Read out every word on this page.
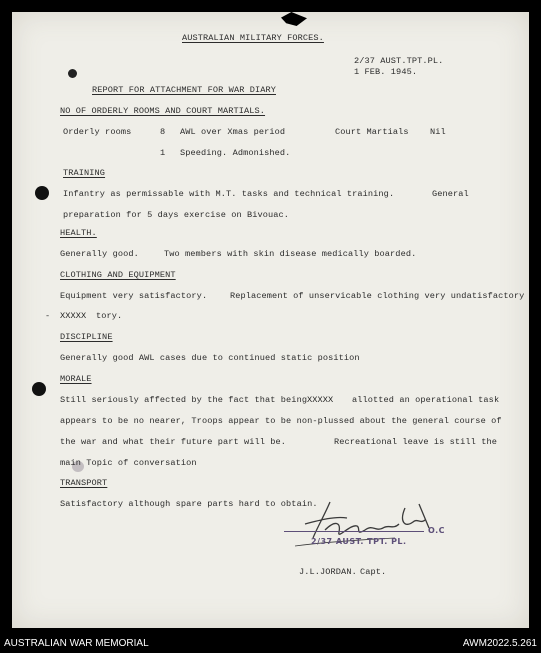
AUSTRALIAN MILITARY FORCES.
2/37 AUST.TPT.PL.
1 FEB. 1945.
REPORT FOR ATTACHMENT FOR WAR DIARY
NO OF ORDERLY ROOMS AND COURT MARTIALS.
Orderly rooms	8 AWL over Xmas period	Court Martials Nil
1 Speeding. Admonished.
TRAINING
Infantry as permissable with M.T. tasks and technical training.	General
preparation for 5 days exercise on Bivouac.
HEALTH.
Generally good.	Two members with skin disease medically boarded.
CLOTHING AND EQUIPMENT
Equipment very satisfactory.	Replacement of unservicable clothing very undatisfactory
- XXXXX tory.
DISCIPLINE
Generally good AWL cases due to continued static position
MORALE
Still seriously affected by the fact that being XXXXX allotted an operational task
appears to be no nearer, Troops appear to be non-plussed about the general course of
the war and what their future part will be.	Recreational leave is still the
main Topic of conversation
TRANSPORT
Satisfactory although spare parts hard to obtain.
2/37 AUST. TPT. PL.
O.C
J.L.JORDAN. Capt.
AUSTRALIAN WAR MEMORIAL	AWM2022.5.261
